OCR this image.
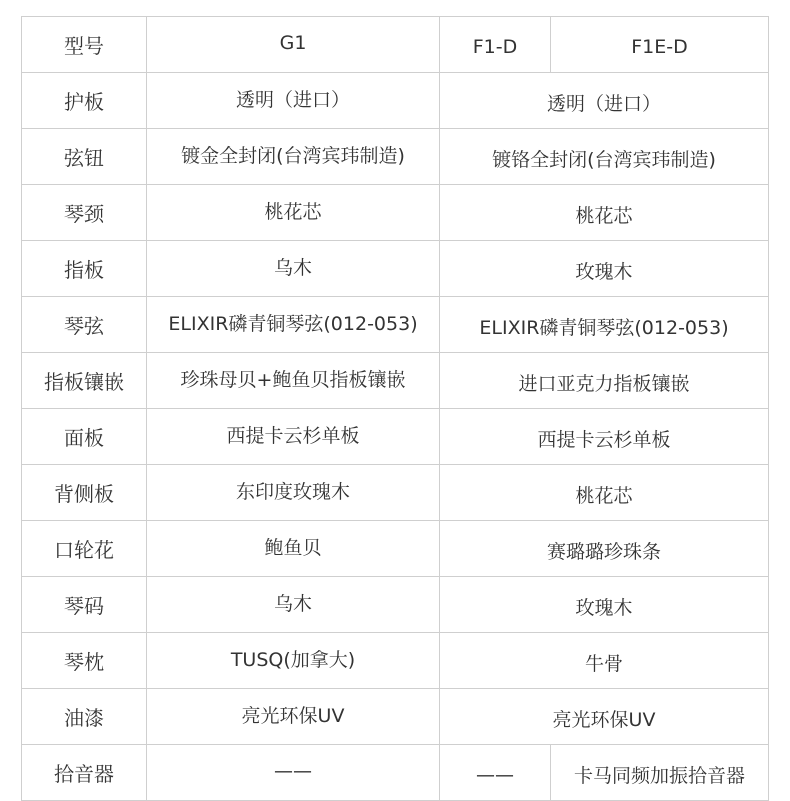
型号	G1	F1-D	F1E-D
护板	透明（进口）	透明（进口）	
弦钮	镀金全封闭(台湾宾玮制造)	镀铬全封闭(台湾宾玮制造)	
琴颈	桃花芯	桃花芯	
指板	乌木	玫瑰木	
琴弦	ELIXIR磷青铜琴弦(012-053)	ELIXIR磷青铜琴弦(012-053)	
指板镶嵌	珍珠母贝+鲍鱼贝指板镶嵌	进口亚克力指板镶嵌	
面板	西提卡云杉单板	西提卡云杉单板	
背侧板	东印度玫瑰木	桃花芯	
口轮花	鲍鱼贝	赛璐璐珍珠条	
琴码	乌木	玫瑰木	
琴枕	TUSQ(加拿大)	牛骨	
油漆	亮光环保UV	亮光环保UV	
拾音器	——	——	卡马同频加振拾音器
